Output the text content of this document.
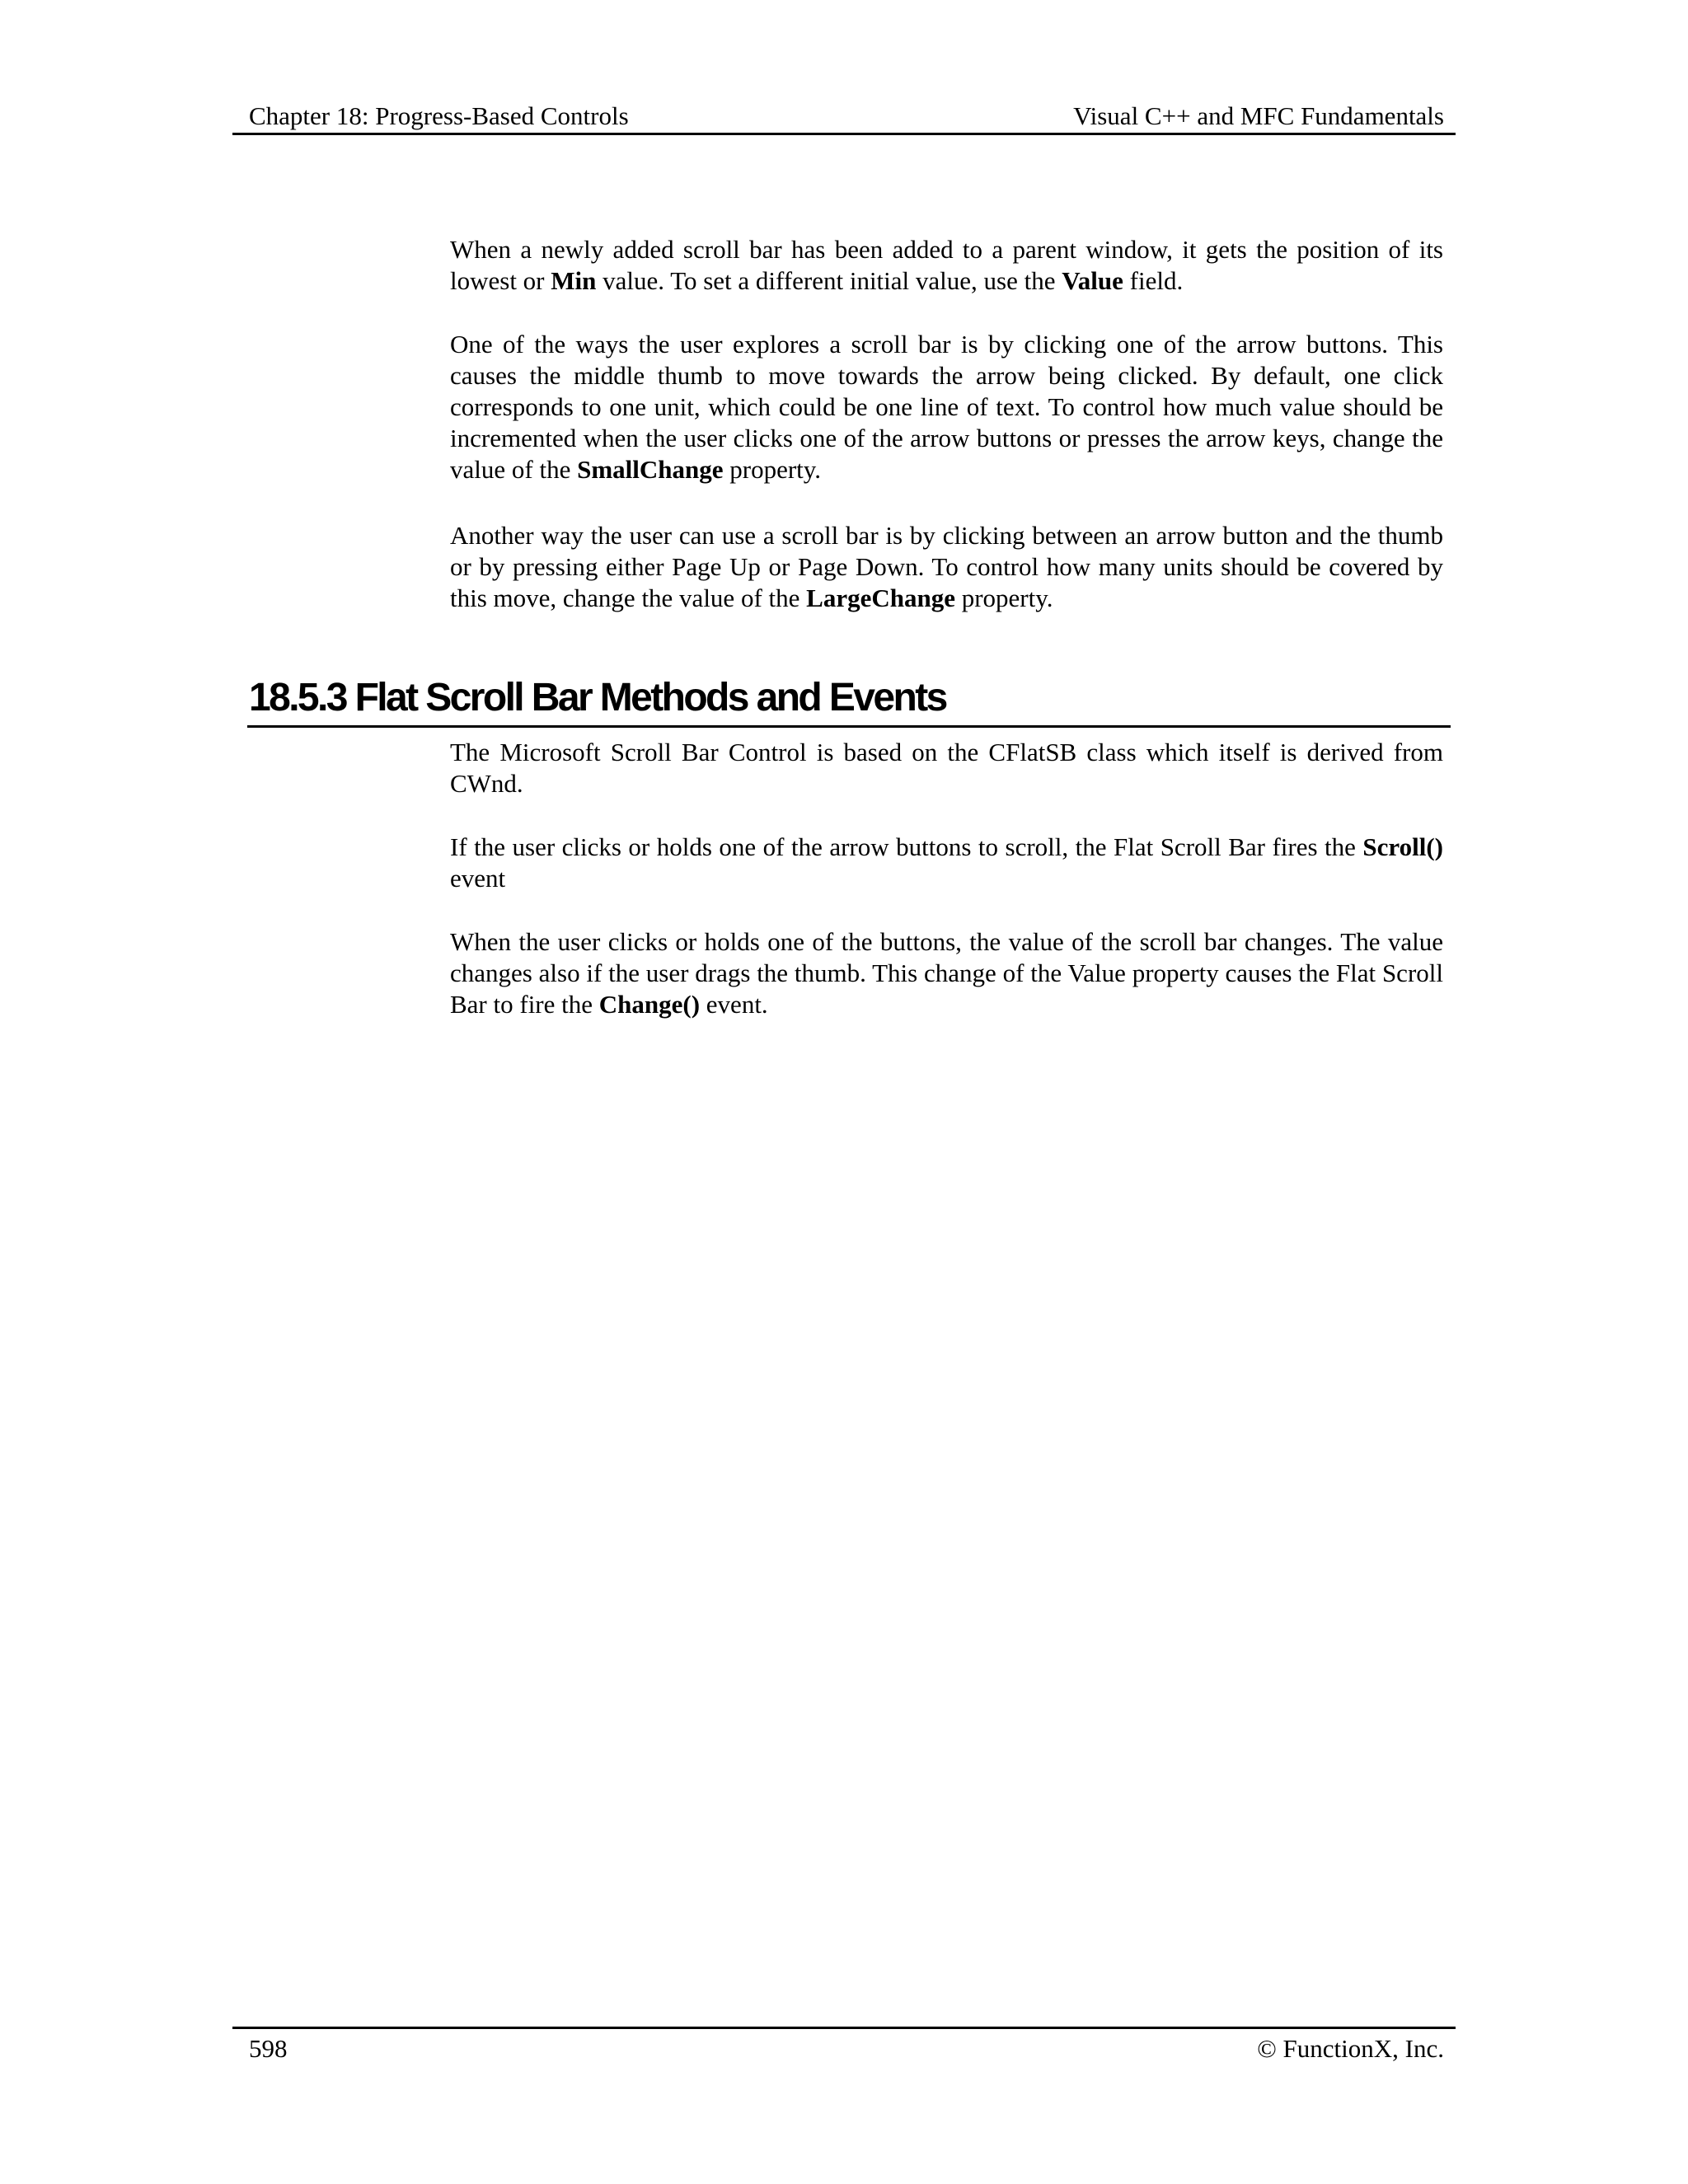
Chapter 18: Progress-Based Controls	Visual C++ and MFC Fundamentals

When a newly added scroll bar has been added to a parent window, it gets the position of its lowest or Min value. To set a different initial value, use the Value field.

One of the ways the user explores a scroll bar is by clicking one of the arrow buttons. This causes the middle thumb to move towards the arrow being clicked. By default, one click corresponds to one unit, which could be one line of text. To control how much value should be incremented when the user clicks one of the arrow buttons or presses the arrow keys, change the value of the SmallChange property.

Another way the user can use a scroll bar is by clicking between an arrow button and the thumb or by pressing either Page Up or Page Down. To control how many units should be covered by this move, change the value of the LargeChange property.

18.5.3 Flat Scroll Bar Methods and Events

The Microsoft Scroll Bar Control is based on the CFlatSB class which itself is derived from CWnd.

If the user clicks or holds one of the arrow buttons to scroll, the Flat Scroll Bar fires the Scroll() event

When the user clicks or holds one of the buttons, the value of the scroll bar changes. The value changes also if the user drags the thumb. This change of the Value property causes the Flat Scroll Bar to fire the Change() event.

598	© FunctionX, Inc.
